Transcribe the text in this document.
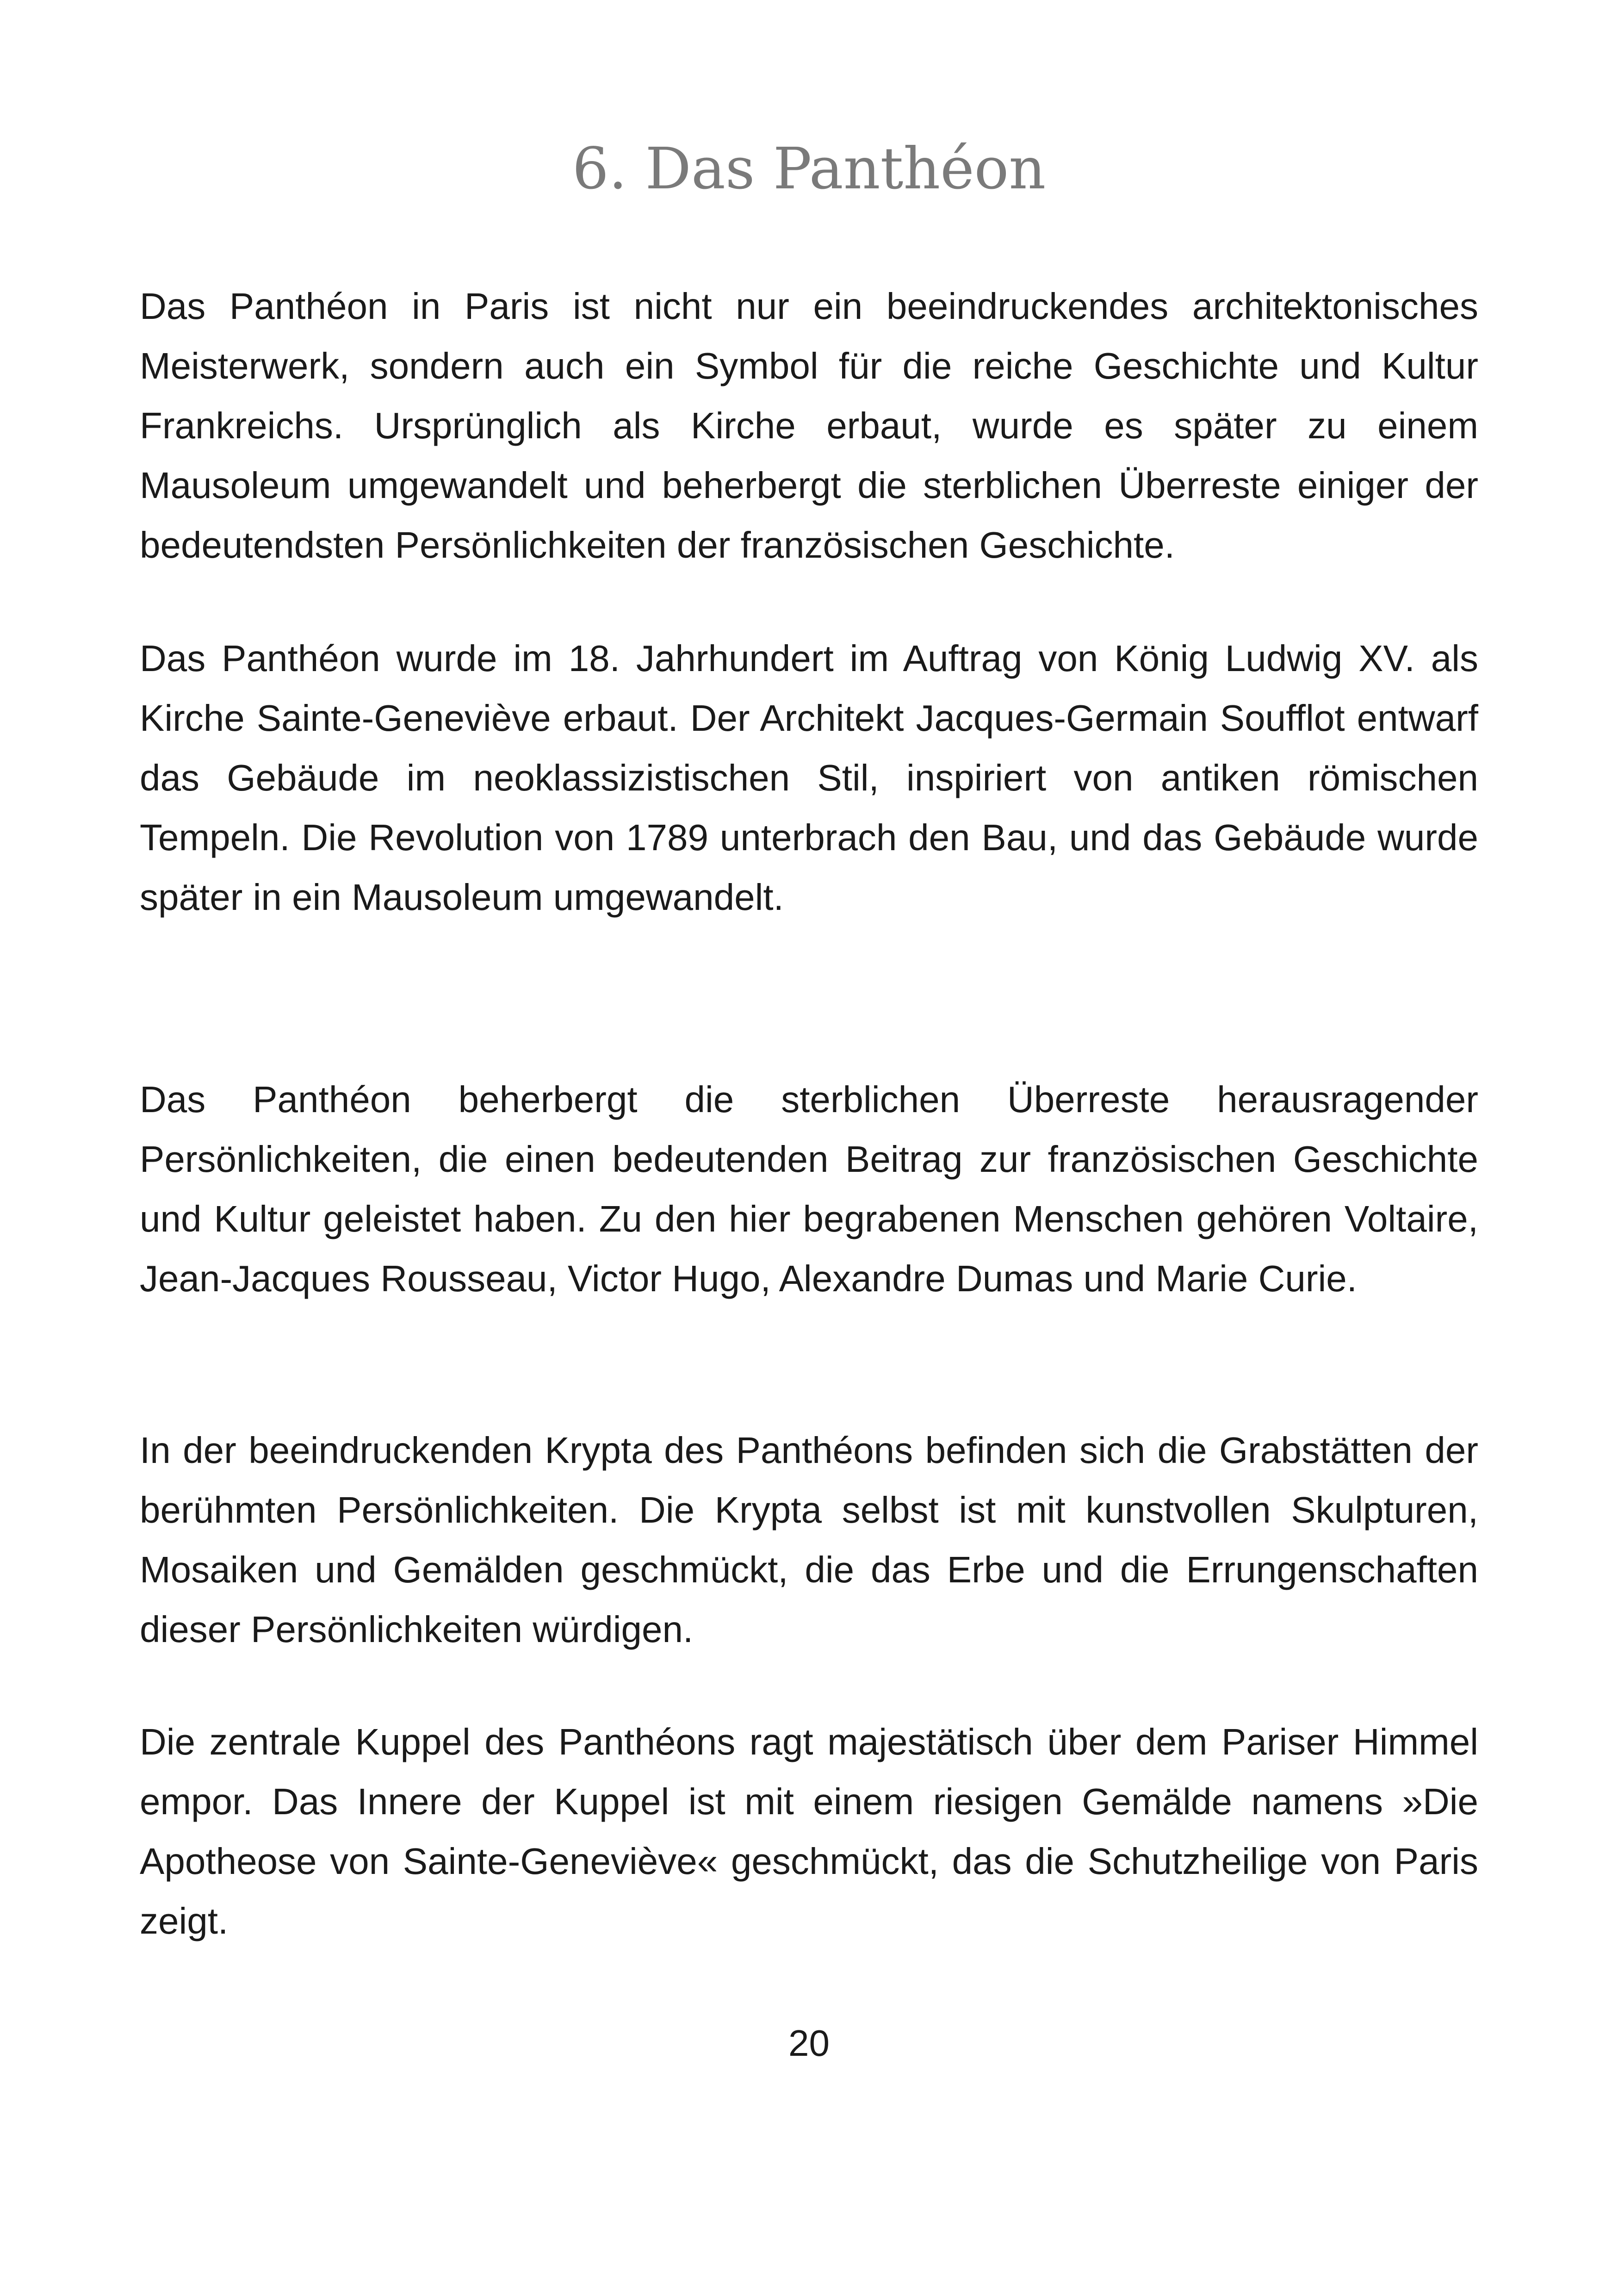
6. Das Panthéon

Das Panthéon in Paris ist nicht nur ein beeindruckendes architektonisches Meisterwerk, sondern auch ein Symbol für die reiche Geschichte und Kultur Frankreichs. Ursprünglich als Kirche erbaut, wurde es später zu einem Mausoleum umgewandelt und beherbergt die sterblichen Überreste einiger der bedeutendsten Persönlichkeiten der französischen Geschichte.

Das Panthéon wurde im 18. Jahrhundert im Auftrag von König Ludwig XV. als Kirche Sainte-Geneviève erbaut. Der Architekt Jacques-Germain Soufflot entwarf das Gebäude im neoklassizistischen Stil, inspiriert von antiken römischen Tempeln. Die Revolution von 1789 unterbrach den Bau, und das Gebäude wurde später in ein Mausoleum umgewandelt.

Das Panthéon beherbergt die sterblichen Überreste herausragender Persönlichkeiten, die einen bedeutenden Beitrag zur französischen Geschichte und Kultur geleistet haben. Zu den hier begrabenen Menschen gehören Voltaire, Jean-Jacques Rousseau, Victor Hugo, Alexandre Dumas und Marie Curie.

In der beeindruckenden Krypta des Panthéons befinden sich die Grabstätten der berühmten Persönlichkeiten. Die Krypta selbst ist mit kunstvollen Skulpturen, Mosaiken und Gemälden geschmückt, die das Erbe und die Errungenschaften dieser Persönlichkeiten würdigen.

Die zentrale Kuppel des Panthéons ragt majestätisch über dem Pariser Himmel empor. Das Innere der Kuppel ist mit einem riesigen Gemälde namens »Die Apotheose von Sainte-Geneviève« geschmückt, das die Schutzheilige von Paris zeigt.

20
